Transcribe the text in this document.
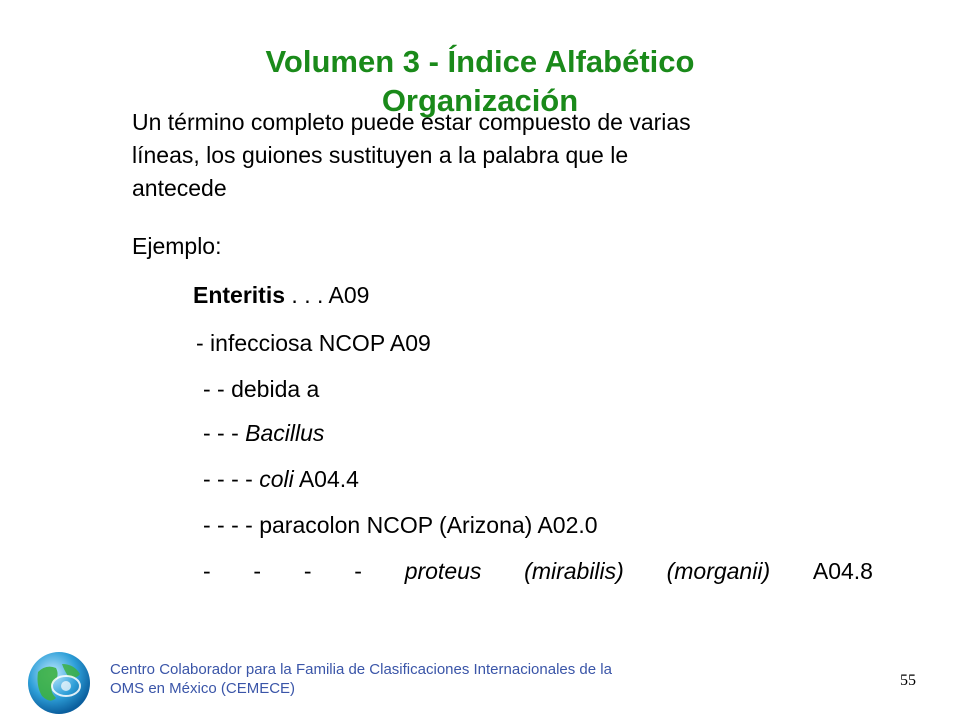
Volumen 3 - Índice Alfabético
Organización
Un término completo puede estar compuesto de varias
líneas, los guiones sustituyen a la palabra que le
antecede
Ejemplo:
Enteritis . . . A09
- infecciosa NCOP A09
- - debida a
- - - Bacillus
- - - - coli A04.4
- - - - paracolon NCOP (Arizona) A02.0
- - - - proteus (mirabilis) (morganii) A04.8
Centro Colaborador para la Familia de Clasificaciones Internacionales de la
OMS en México (CEMECE)	55
